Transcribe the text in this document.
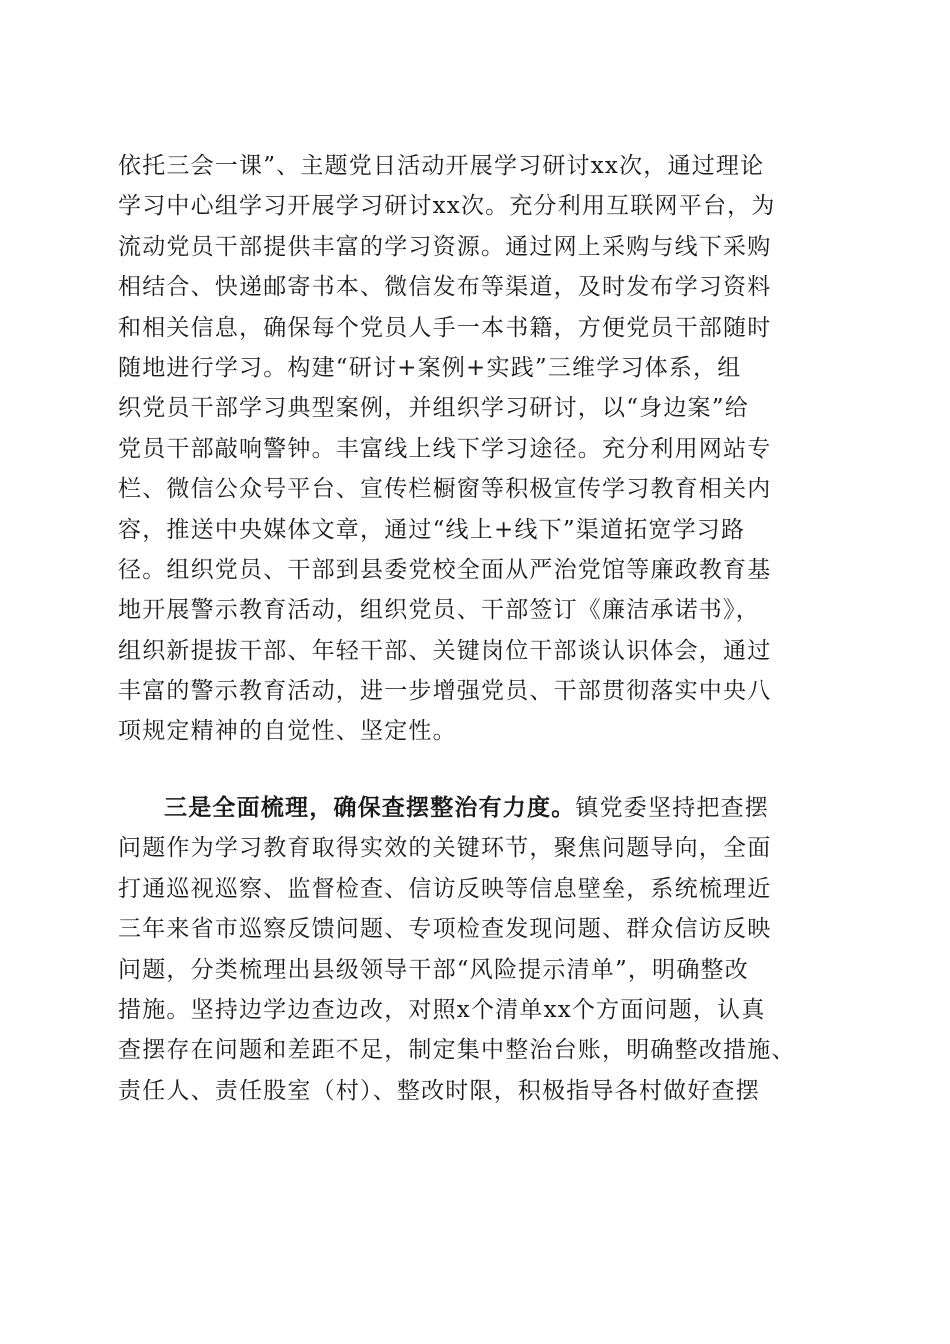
依托三会一课”、主题党日活动开展学习研讨xx次，通过理论
学习中心组学习开展学习研讨xx次。充分利用互联网平台，为
流动党员干部提供丰富的学习资源。通过网上采购与线下采购
相结合、快递邮寄书本、微信发布等渠道，及时发布学习资料
和相关信息，确保每个党员人手一本书籍，方便党员干部随时
随地进行学习。构建“研讨+案例+实践”三维学习体系，组
织党员干部学习典型案例，并组织学习研讨，以“身边案”给
党员干部敲响警钟。丰富线上线下学习途径。充分利用网站专
栏、微信公众号平台、宣传栏橱窗等积极宣传学习教育相关内
容，推送中央媒体文章，通过“线上+线下”渠道拓宽学习路
径。组织党员、干部到县委党校全面从严治党馆等廉政教育基
地开展警示教育活动，组织党员、干部签订《廉洁承诺书》，
组织新提拔干部、年轻干部、关键岗位干部谈认识体会，通过
丰富的警示教育活动，进一步增强党员、干部贯彻落实中央八
项规定精神的自觉性、坚定性。
三是全面梳理，确保查摆整治有力度。镇党委坚持把查摆
问题作为学习教育取得实效的关键环节，聚焦问题导向，全面
打通巡视巡察、监督检查、信访反映等信息壁垒，系统梳理近
三年来省市巡察反馈问题、专项检查发现问题、群众信访反映
问题，分类梳理出县级领导干部“风险提示清单”，明确整改
措施。坚持边学边查边改，对照x个清单xx个方面问题，认真
查摆存在问题和差距不足，制定集中整治台账，明确整改措施、
责任人、责任股室（村）、整改时限，积极指导各村做好查摆
